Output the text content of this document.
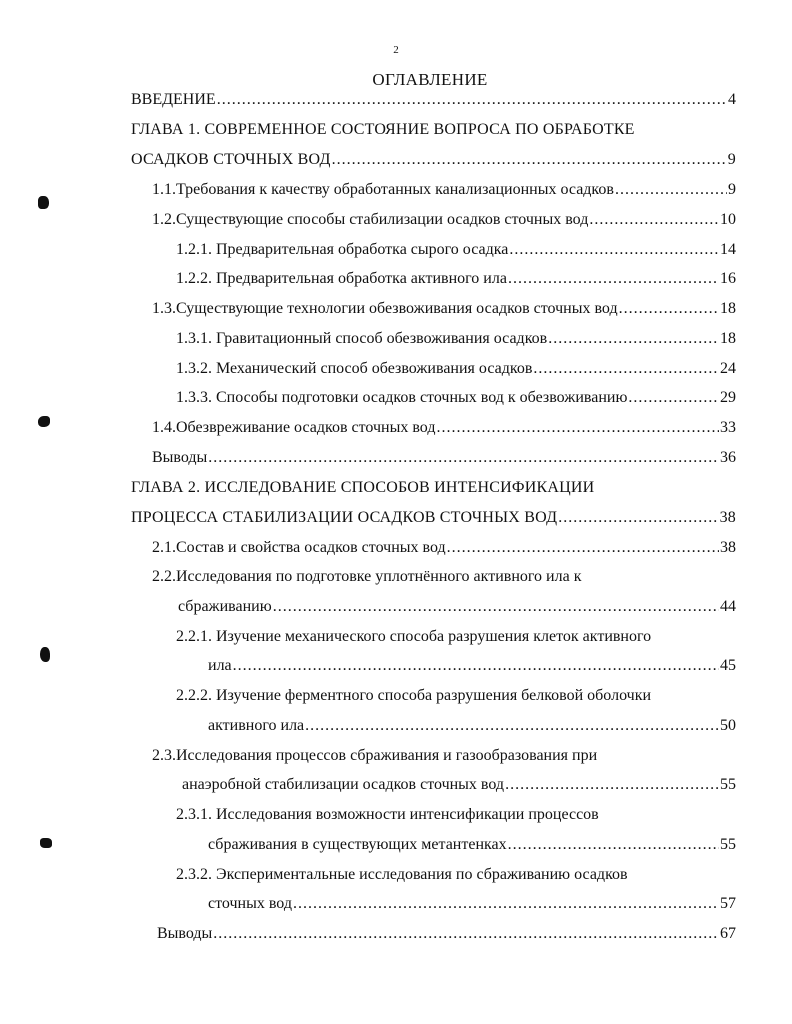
2
ОГЛАВЛЕНИЕ
ВВЕДЕНИЕ .....	4
ГЛАВА 1. СОВРЕМЕННОЕ СОСТОЯНИЕ ВОПРОСА ПО ОБРАБОТКЕ
ОСАДКОВ СТОЧНЫХ ВОД .....	9
1.1.Требования к качеству обработанных канализационных осадков .....	9
1.2.Существующие способы стабилизации осадков сточных вод .....	10
1.2.1. Предварительная обработка сырого осадка .....	14
1.2.2. Предварительная обработка активного ила .....	16
1.3.Существующие технологии обезвоживания осадков сточных вод .....	18
1.3.1. Гравитационный способ обезвоживания осадков .....	18
1.3.2. Механический способ обезвоживания осадков .....	24
1.3.3. Способы подготовки осадков сточных вод к обезвоживанию .....	29
1.4.Обезвреживание осадков сточных вод .....	33
Выводы .....	36
ГЛАВА 2. ИССЛЕДОВАНИЕ СПОСОБОВ ИНТЕНСИФИКАЦИИ
ПРОЦЕССА СТАБИЛИЗАЦИИ ОСАДКОВ СТОЧНЫХ ВОД .....	38
2.1.Состав и свойства осадков сточных вод .....	38
2.2.Исследования по подготовке уплотнённого активного ила к
сбраживанию .....	44
2.2.1. Изучение механического способа разрушения клеток активного
ила .....	45
2.2.2. Изучение ферментного способа разрушения белковой оболочки
активного ила .....	50
2.3.Исследования процессов сбраживания и газообразования при
анаэробной стабилизации осадков сточных вод .....	55
2.3.1. Исследования возможности интенсификации процессов
сбраживания в существующих метантенках .....	55
2.3.2. Экспериментальные исследования по сбраживанию осадков
сточных вод .....	57
Выводы .....	67
